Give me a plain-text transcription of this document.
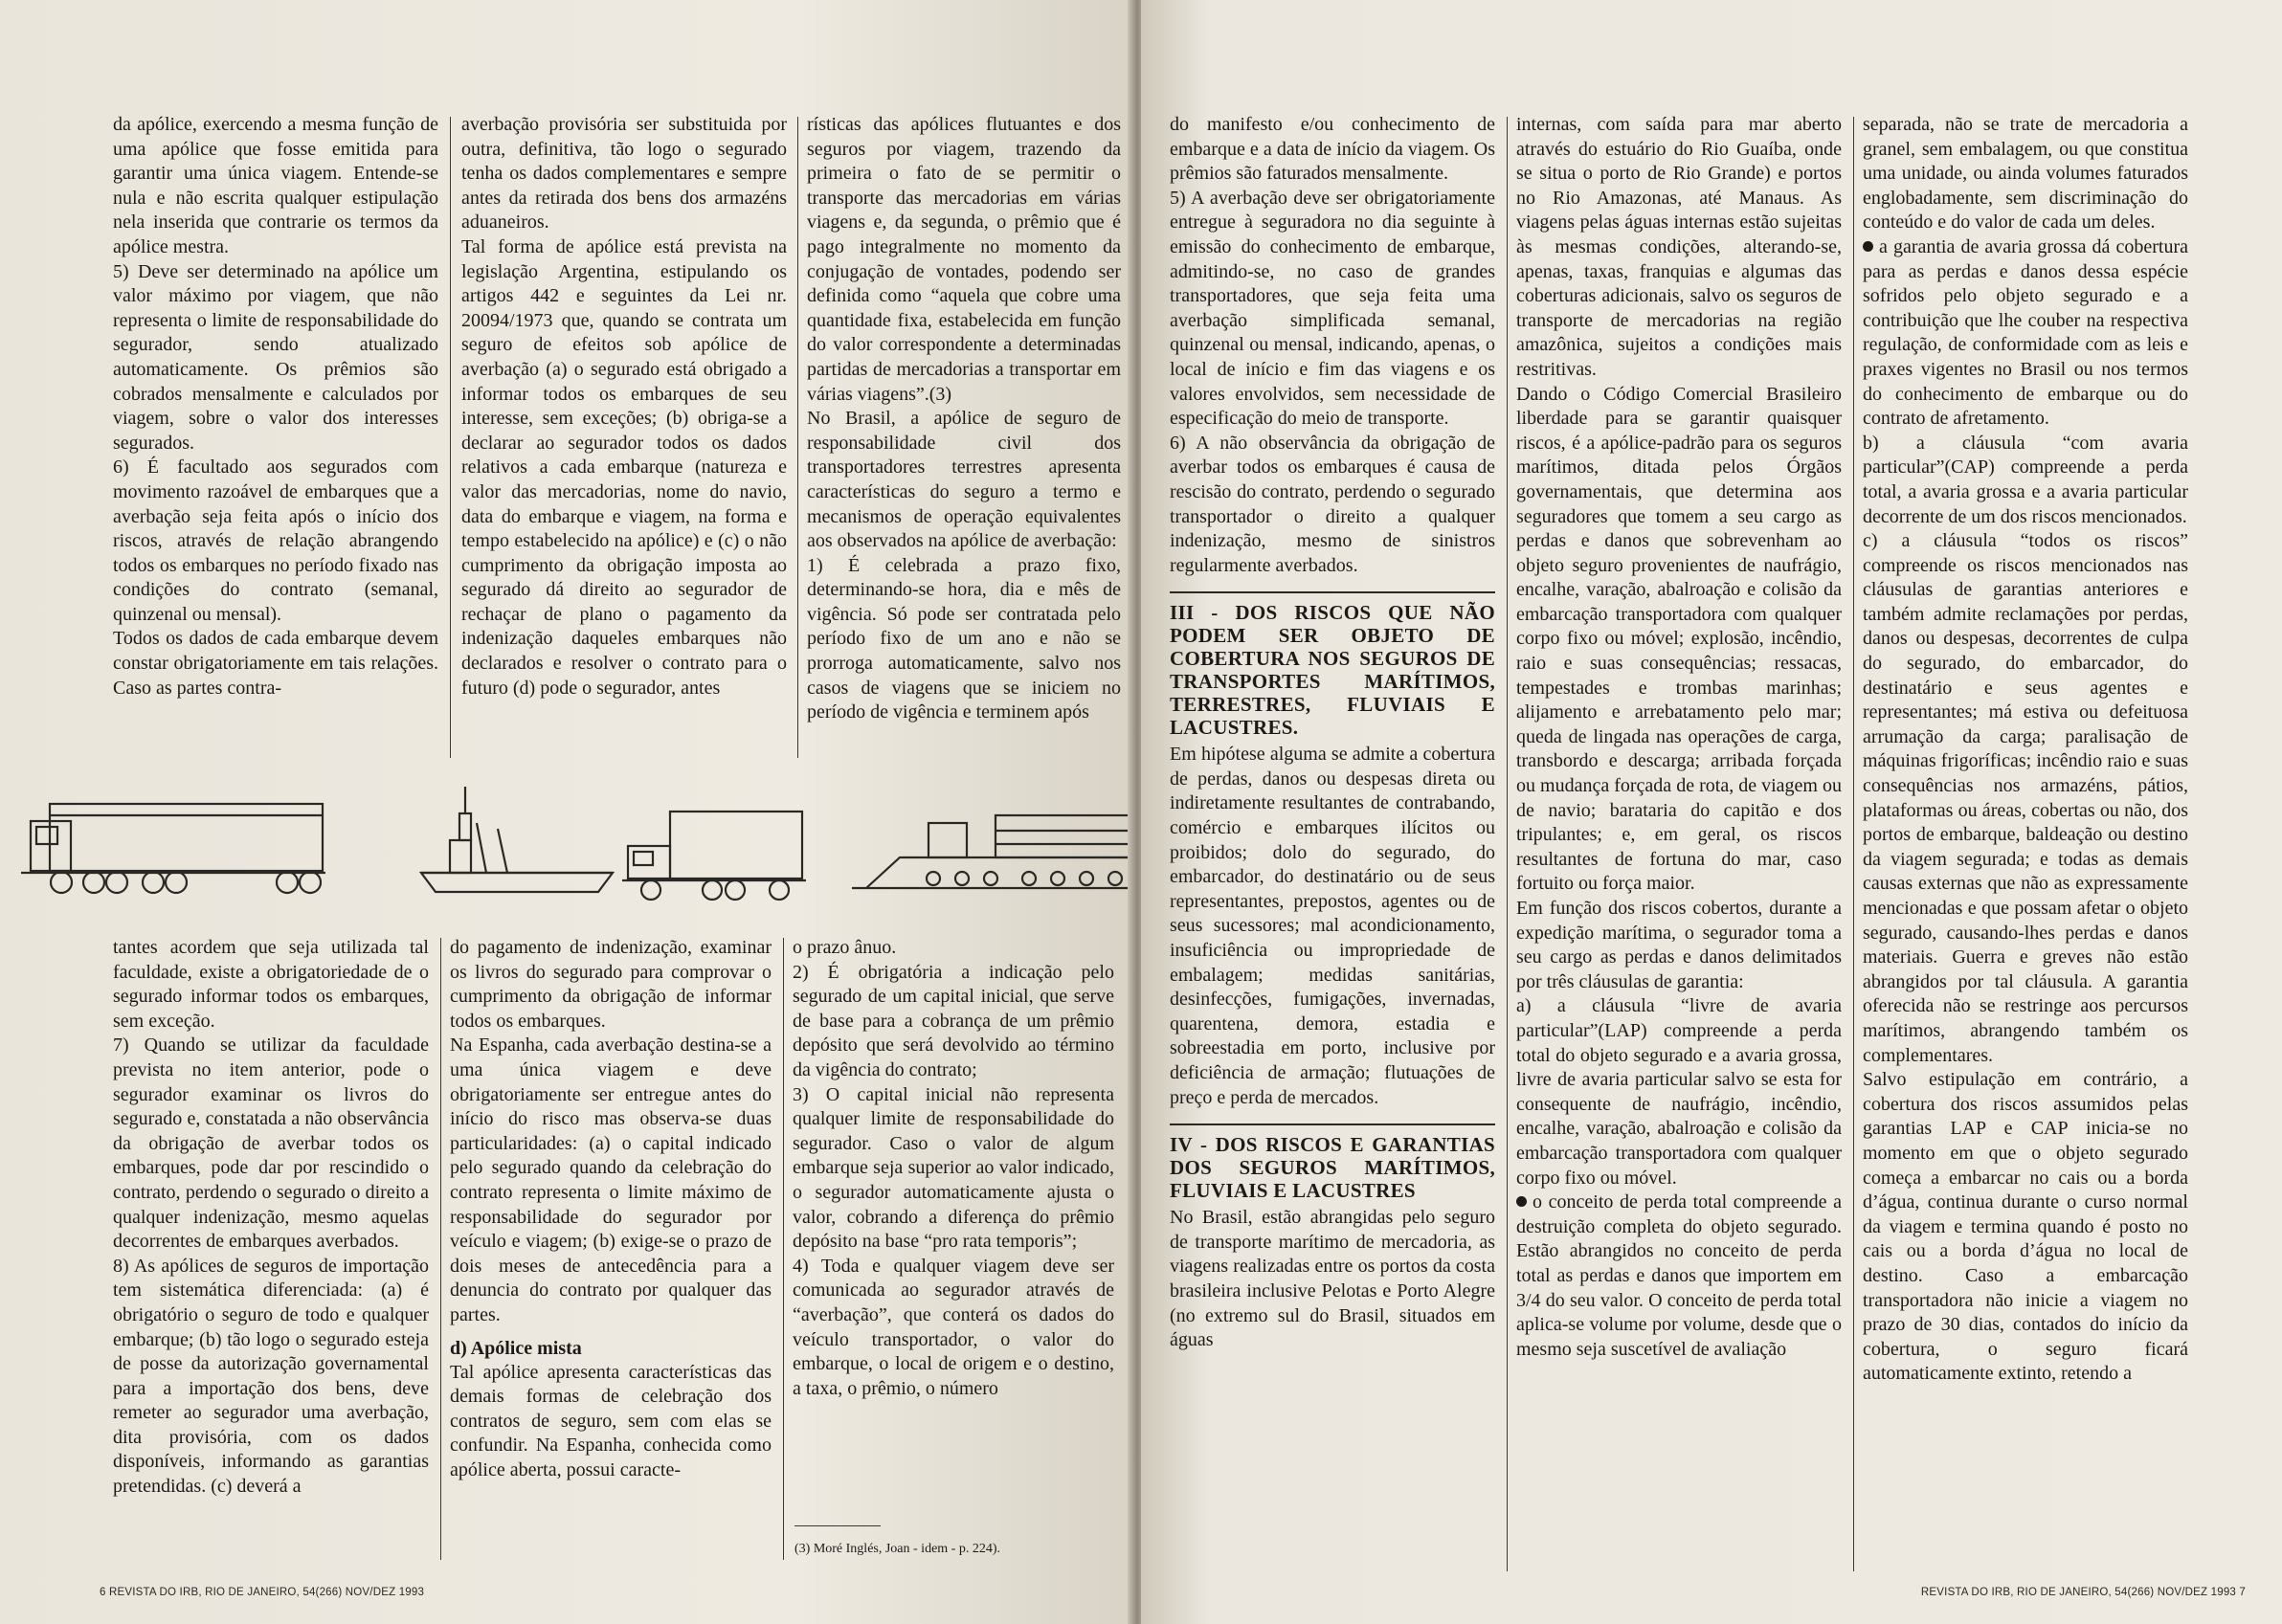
da apólice, exercendo a mesma função de uma apólice que fosse emitida para garantir uma única viagem. Entende-se nula e não escrita qualquer estipulação nela inserida que contrarie os termos da apólice mestra.
5) Deve ser determinado na apólice um valor máximo por viagem, que não representa o limite de responsabilidade do segurador, sendo atualizado automaticamente. Os prêmios são cobrados mensalmente e calculados por viagem, sobre o valor dos interesses segurados.
6) É facultado aos segurados com movimento razoável de embarques que a averbação seja feita após o início dos riscos, através de relação abrangendo todos os embarques no período fixado nas condições do contrato (semanal, quinzenal ou mensal).
Todos os dados de cada embarque devem constar obrigatoriamente em tais relações. Caso as partes contra-

averbação provisória ser substituida por outra, definitiva, tão logo o segurado tenha os dados complementares e sempre antes da retirada dos bens dos armazéns aduaneiros.
Tal forma de apólice está prevista na legislação Argentina, estipulando os artigos 442 e seguintes da Lei nr. 20094/1973 que, quando se contrata um seguro de efeitos sob apólice de averbação (a) o segurado está obrigado a informar todos os embarques de seu interesse, sem exceções; (b) obriga-se a declarar ao segurador todos os dados relativos a cada embarque (natureza e valor das mercadorias, nome do navio, data do embarque e viagem, na forma e tempo estabelecido na apólice) e (c) o não cumprimento da obrigação imposta ao segurado dá direito ao segurador de rechaçar de plano o pagamento da indenização daqueles embarques não declarados e resolver o contrato para o futuro (d) pode o segurador, antes

rísticas das apólices flutuantes e dos seguros por viagem, trazendo da primeira o fato de se permitir o transporte das mercadorias em várias viagens e, da segunda, o prêmio que é pago integralmente no momento da conjugação de vontades, podendo ser definida como “aquela que cobre uma quantidade fixa, estabelecida em função do valor correspondente a determinadas partidas de mercadorias a transportar em várias viagens”.(3)
No Brasil, a apólice de seguro de responsabilidade civil dos transportadores terrestres apresenta características do seguro a termo e mecanismos de operação equivalentes aos observados na apólice de averbação:
1) É celebrada a prazo fixo, determinando-se hora, dia e mês de vigência. Só pode ser contratada pelo período fixo de um ano e não se prorroga automaticamente, salvo nos casos de viagens que se iniciem no período de vigência e terminem após

tantes acordem que seja utilizada tal faculdade, existe a obrigatoriedade de o segurado informar todos os embarques, sem exceção.
7) Quando se utilizar da faculdade prevista no item anterior, pode o segurador examinar os livros do segurado e, constatada a não observância da obrigação de averbar todos os embarques, pode dar por rescindido o contrato, perdendo o segurado o direito a qualquer indenização, mesmo aquelas decorrentes de embarques averbados.
8) As apólices de seguros de importação tem sistemática diferenciada: (a) é obrigatório o seguro de todo e qualquer embarque; (b) tão logo o segurado esteja de posse da autorização governamental para a importação dos bens, deve remeter ao segurador uma averbação, dita provisória, com os dados disponíveis, informando as garantias pretendidas. (c) deverá a

do pagamento de indenização, examinar os livros do segurado para comprovar o cumprimento da obrigação de informar todos os embarques.
Na Espanha, cada averbação destina-se a uma única viagem e deve obrigatoriamente ser entregue antes do início do risco mas observa-se duas particularidades: (a) o capital indicado pelo segurado quando da celebração do contrato representa o limite máximo de responsabilidade do segurador por veículo e viagem; (b) exige-se o prazo de dois meses de antecedência para a denuncia do contrato por qualquer das partes.

d) Apólice mista

Tal apólice apresenta características das demais formas de celebração dos contratos de seguro, sem com elas se confundir. Na Espanha, conhecida como apólice aberta, possui caracte-

o prazo ânuo.
2) É obrigatória a indicação pelo segurado de um capital inicial, que serve de base para a cobrança de um prêmio depósito que será devolvido ao término da vigência do contrato;
3) O capital inicial não representa qualquer limite de responsabilidade do segurador. Caso o valor de algum embarque seja superior ao valor indicado, o segurador automaticamente ajusta o valor, cobrando a diferença do prêmio depósito na base “pro rata temporis”;
4) Toda e qualquer viagem deve ser comunicada ao segurador através de “averbação”, que conterá os dados do veículo transportador, o valor do embarque, o local de origem e o destino, a taxa, o prêmio, o número

(3) Moré Inglés, Joan - idem - p. 224).
6 REVISTA DO IRB, RIO DE JANEIRO, 54(266) NOV/DEZ 1993

do manifesto e/ou conhecimento de embarque e a data de início da viagem. Os prêmios são faturados mensalmente.
5) A averbação deve ser obrigatoriamente entregue à seguradora no dia seguinte à emissão do conhecimento de embarque, admitindo-se, no caso de grandes transportadores, que seja feita uma averbação simplificada semanal, quinzenal ou mensal, indicando, apenas, o local de início e fim das viagens e os valores envolvidos, sem necessidade de especificação do meio de transporte.
6) A não observância da obrigação de averbar todos os embarques é causa de rescisão do contrato, perdendo o segurado transportador o direito a qualquer indenização, mesmo de sinistros regularmente averbados.

III - DOS RISCOS QUE NÃO PODEM SER OBJETO DE COBERTURA NOS SEGUROS DE TRANSPORTES MARÍTIMOS, TERRESTRES, FLUVIAIS E LACUSTRES.

Em hipótese alguma se admite a cobertura de perdas, danos ou despesas direta ou indiretamente resultantes de contrabando, comércio e embarques ilícitos ou proibidos; dolo do segurado, do embarcador, do destinatário ou de seus representantes, prepostos, agentes ou de seus sucessores; mal acondicionamento, insuficiência ou impropriedade de embalagem; medidas sanitárias, desinfecções, fumigações, invernadas, quarentena, demora, estadia e sobreestadia em porto, inclusive por deficiência de armação; flutuações de preço e perda de mercados.

IV - DOS RISCOS E GARANTIAS DOS SEGUROS MARÍTIMOS, FLUVIAIS E LACUSTRES

No Brasil, estão abrangidas pelo seguro de transporte marítimo de mercadoria, as viagens realizadas entre os portos da costa brasileira inclusive Pelotas e Porto Alegre (no extremo sul do Brasil, situados em águas

internas, com saída para mar aberto através do estuário do Rio Guaíba, onde se situa o porto de Rio Grande) e portos no Rio Amazonas, até Manaus. As viagens pelas águas internas estão sujeitas às mesmas condições, alterando-se, apenas, taxas, franquias e algumas das coberturas adicionais, salvo os seguros de transporte de mercadorias na região amazônica, sujeitos a condições mais restritivas.
Dando o Código Comercial Brasileiro liberdade para se garantir quaisquer riscos, é a apólice-padrão para os seguros marítimos, ditada pelos Órgãos governamentais, que determina aos seguradores que tomem a seu cargo as perdas e danos que sobrevenham ao objeto seguro provenientes de naufrágio, encalhe, varação, abalroação e colisão da embarcação transportadora com qualquer corpo fixo ou móvel; explosão, incêndio, raio e suas consequências; ressacas, tempestades e trombas marinhas; alijamento e arrebatamento pelo mar; queda de lingada nas operações de carga, transbordo e descarga; arribada forçada ou mudança forçada de rota, de viagem ou de navio; barataria do capitão e dos tripulantes; e, em geral, os riscos resultantes de fortuna do mar, caso fortuito ou força maior.
Em função dos riscos cobertos, durante a expedição marítima, o segurador toma a seu cargo as perdas e danos delimitados por três cláusulas de garantia:
a) a cláusula “livre de avaria particular”(LAP) compreende a perda total do objeto segurado e a avaria grossa, livre de avaria particular salvo se esta for consequente de naufrágio, incêndio, encalhe, varação, abalroação e colisão da embarcação transportadora com qualquer corpo fixo ou móvel.

o conceito de perda total compreende a destruição completa do objeto segurado. Estão abrangidos no conceito de perda total as perdas e danos que importem em 3/4 do seu valor. O conceito de perda total aplica-se volume por volume, desde que o mesmo seja suscetível de avaliação

separada, não se trate de mercadoria a granel, sem embalagem, ou que constitua uma unidade, ou ainda volumes faturados englobadamente, sem discriminação do conteúdo e do valor de cada um deles.

a garantia de avaria grossa dá cobertura para as perdas e danos dessa espécie sofridos pelo objeto segurado e a contribuição que lhe couber na respectiva regulação, de conformidade com as leis e praxes vigentes no Brasil ou nos termos do conhecimento de embarque ou do contrato de afretamento.
b) a cláusula “com avaria particular”(CAP) compreende a perda total, a avaria grossa e a avaria particular decorrente de um dos riscos mencionados.
c) a cláusula “todos os riscos” compreende os riscos mencionados nas cláusulas de garantias anteriores e também admite reclamações por perdas, danos ou despesas, decorrentes de culpa do segurado, do embarcador, do destinatário e seus agentes e representantes; má estiva ou defeituosa arrumação da carga; paralisação de máquinas frigoríficas; incêndio raio e suas consequências nos armazéns, pátios, plataformas ou áreas, cobertas ou não, dos portos de embarque, baldeação ou destino da viagem segurada; e todas as demais causas externas que não as expressamente mencionadas e que possam afetar o objeto segurado, causando-lhes perdas e danos materiais. Guerra e greves não estão abrangidos por tal cláusula. A garantia oferecida não se restringe aos percursos marítimos, abrangendo também os complementares.
Salvo estipulação em contrário, a cobertura dos riscos assumidos pelas garantias LAP e CAP inicia-se no momento em que o objeto segurado começa a embarcar no cais ou a borda d’água, continua durante o curso normal da viagem e termina quando é posto no cais ou a borda d’água no local de destino. Caso a embarcação transportadora não inicie a viagem no prazo de 30 dias, contados do início da cobertura, o seguro ficará automaticamente extinto, retendo a

REVISTA DO IRB, RIO DE JANEIRO, 54(266) NOV/DEZ 1993 7
